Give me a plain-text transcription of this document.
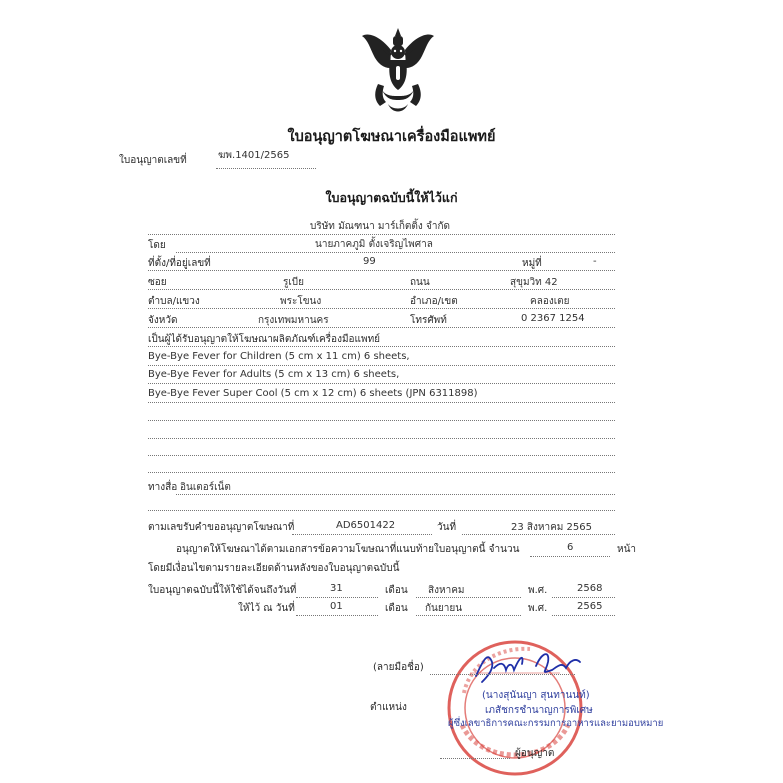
ใบอนุญาตโฆษณาเครื่องมือแพทย์
ใบอนุญาตเลขที่	ฆพ.1401/2565
ใบอนุญาตฉบับนี้ให้ไว้แก่
บริษัท มัณฑนา มาร์เก็ตติ้ง จำกัด
โดย	นายภาคภูมิ ตั้งเจริญไพศาล
ที่ตั้ง/ที่อยู่เลขที่	99	หมู่ที่	-
ซอย	รูเบีย	ถนน	สุขุมวิท 42
ตำบล/แขวง	พระโขนง	อำเภอ/เขต	คลองเตย
จังหวัด	กรุงเทพมหานคร	โทรศัพท์	0 2367 1254
เป็นผู้ได้รับอนุญาตให้โฆษณาผลิตภัณฑ์เครื่องมือแพทย์
Bye-Bye Fever for Children (5 cm x 11 cm) 6 sheets,
Bye-Bye Fever for Adults (5 cm x 13 cm) 6 sheets,
Bye-Bye Fever Super Cool (5 cm x 12 cm) 6 sheets (JPN 6311898)
ทางสื่อ อินเตอร์เน็ต
ตามเลขรับคำขออนุญาตโฆษณาที่	AD6501422	วันที่	23 สิงหาคม 2565
อนุญาตให้โฆษณาได้ตามเอกสารข้อความโฆษณาที่แนบท้ายใบอนุญาตนี้ จำนวน	6	หน้า
โดยมีเงื่อนไขตามรายละเอียดด้านหลังของใบอนุญาตฉบับนี้
ใบอนุญาตฉบับนี้ให้ใช้ได้จนถึงวันที่	31	เดือน สิงหาคม	พ.ศ.	2568
ให้ไว้ ณ วันที่	01	เดือน กันยายน	พ.ศ.	2565
(ลายมือชื่อ)
(นางสุนันญา สุนทานนท์)
ตำแหน่ง	เภสัชกรชำนาญการพิเศษ
ผู้ซึ่งเลขาธิการคณะกรรมการอาหารและยามอบหมาย
ผู้อนุญาต
